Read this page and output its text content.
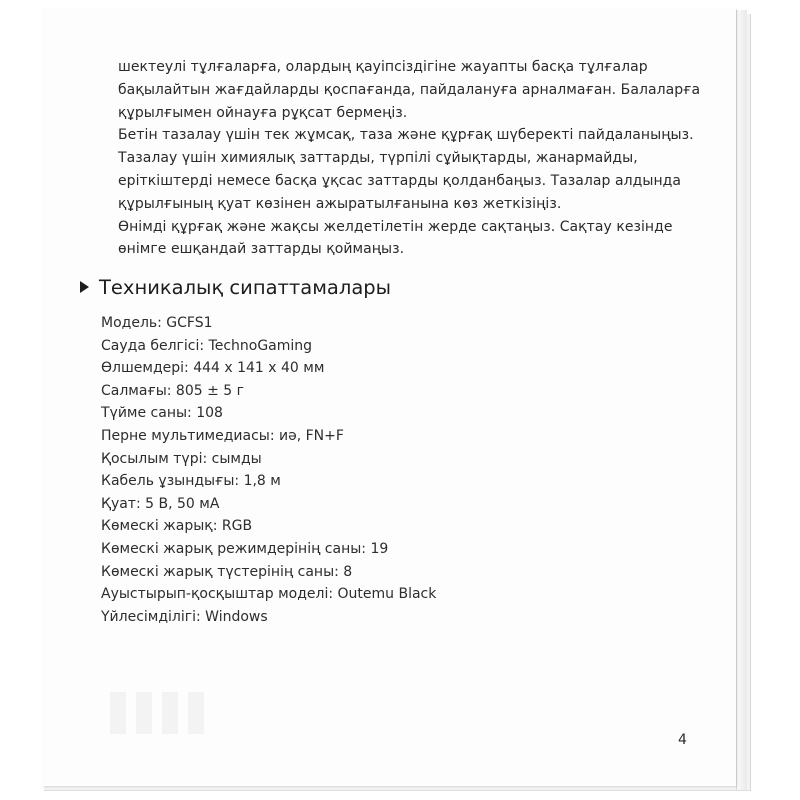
шектеулі тұлғаларға, олардың қауіпсіздігіне жауапты басқа тұлғалар
бақылайтын жағдайларды қоспағанда, пайдалануға арналмаған. Балаларға
құрылғымен ойнауға рұқсат бермеңіз.
Бетін тазалау үшін тек жұмсақ, таза және құрғақ шүберекті пайдаланыңыз.
Тазалау үшін химиялық заттарды, түрпілі сұйықтарды, жанармайды,
еріткіштерді немесе басқа ұқсас заттарды қолданбаңыз. Тазалар алдында
құрылғының қуат көзінен ажыратылғанына көз жеткізіңіз.
Өнімді құрғақ және жақсы желдетілетін жерде сақтаңыз. Сақтау кезінде
өнімге ешқандай заттарды қоймаңыз.

Техникалық сипаттамалары
Модель: GCFS1
Сауда белгісі: TechnoGaming
Өлшемдері: 444 х 141 х 40 мм
Салмағы: 805 ± 5 г
Түйме саны: 108
Перне мультимедиасы: иә, FN+F
Қосылым түрі: сымды
Кабель ұзындығы: 1,8 м
Қуат: 5 В, 50 мА
Көмескі жарық: RGB
Көмескі жарық режимдерінің саны: 19
Көмескі жарық түстерінің саны: 8
Ауыстырып-қосқыштар моделі: Outemu Black
Үйлесімділігі: Windows
4
